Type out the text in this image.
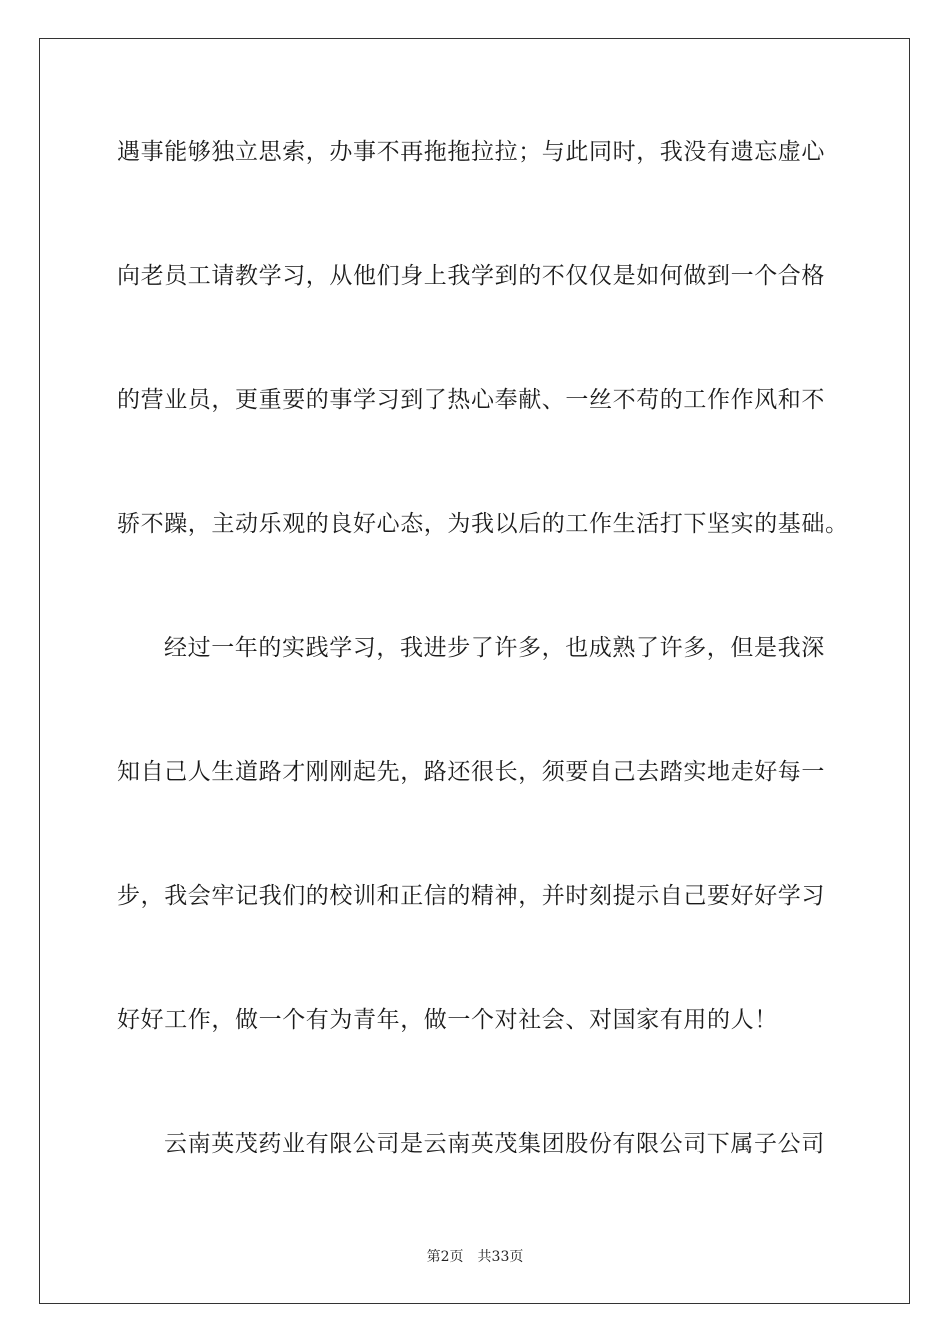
遇事能够独立思索，办事不再拖拖拉拉；与此同时，我没有遗忘虚心
向老员工请教学习，从他们身上我学到的不仅仅是如何做到一个合格
的营业员，更重要的事学习到了热心奉献、一丝不苟的工作作风和不
骄不躁，主动乐观的良好心态，为我以后的工作生活打下坚实的基础。
经过一年的实践学习，我进步了许多，也成熟了许多，但是我深
知自己人生道路才刚刚起先，路还很长，须要自己去踏实地走好每一
步，我会牢记我们的校训和正信的精神，并时刻提示自己要好好学习
好好工作，做一个有为青年，做一个对社会、对国家有用的人！
云南英茂药业有限公司是云南英茂集团股份有限公司下属子公司
第2页 共33页
